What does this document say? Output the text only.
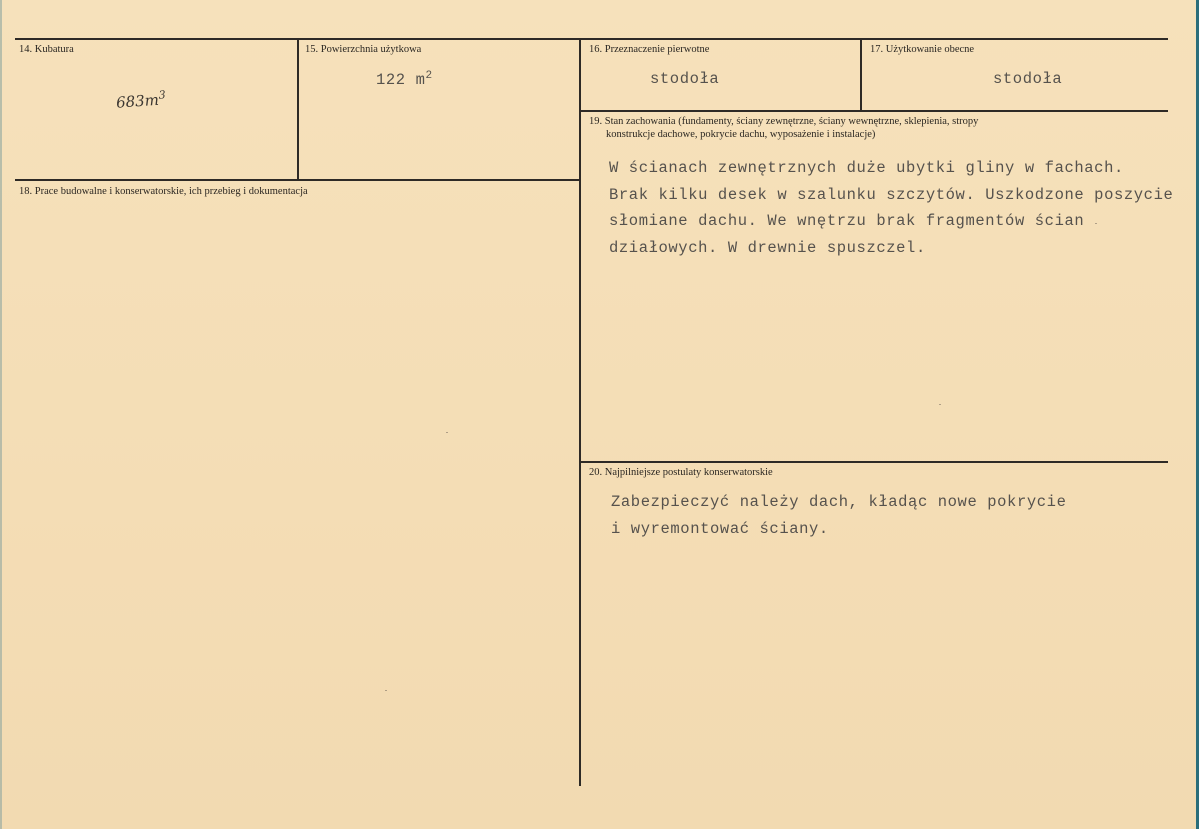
14. Kubatura
$683m^3$
15. Powierzchnia użytkowa
122 $m^2$
16. Przeznaczenie pierwotne
stodoła
17. Użytkowanie obecne
stodoła
18. Prace budowalne i konserwatorskie, ich przebieg i dokumentacja
19. Stan zachowania (fundamenty, ściany zewnętrzne, ściany wewnętrzne, sklepienia, stropy
konstrukcje dachowe, pokrycie dachu, wyposażenie i instalacje)
W ścianach zewnętrznych duże ubytki gliny w fachach.
Brak kilku desek w szalunku szczytów. Uszkodzone poszycie
słomiane dachu. We wnętrzu brak fragmentów ścian
działowych. W drewnie spuszczel.
20. Najpilniejsze postulaty konserwatorskie
Zabezpieczyć należy dach, kładąc nowe pokrycie
i wyremontować ściany.
